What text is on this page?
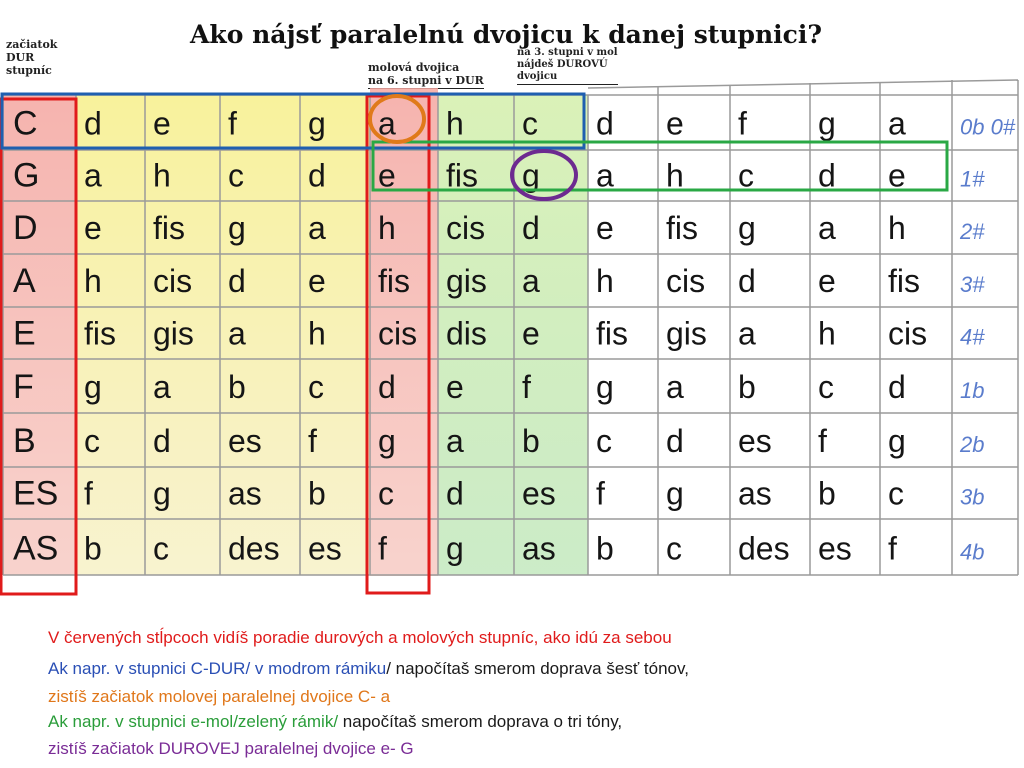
Ako nájsť paralelnú dvojicu k danej stupnici?
začiatok
DUR
stupníc	molová dvojica
na 6. stupni v DUR
na 3. stupni v mol
nájdeš DUROVÚ
dvojicu
C d e f g a h c d e f g a 0b 0#
G a h c d e fis g a h c d e 1#
D e fis g a h cis d e fis g a h 2#
A h cis d e fis gis a h cis d e fis 3#
E fis gis a h cis dis e fis gis a h cis 4#
F g a b c d e f g a b c d 1b
B c d es f g a b c d es f g 2b
ES f g as b c d es f g as b c	3b
AS b c des es f g as b c des es f	4b
V červených stĺpcoch vidíš poradie durových a molových stupníc, ako idú za sebou
Ak napr. v stupnici C-DUR/ v modrom rámiku/ napočítaš smerom doprava šesť tónov,
zistíš začiatok molovej paralelnej dvojice C- a
Ak napr. v stupnici e-mol/zelený rámik/ napočítaš smerom doprava o tri tóny,
zistíš začiatok DUROVEJ paralelnej dvojice e- G
